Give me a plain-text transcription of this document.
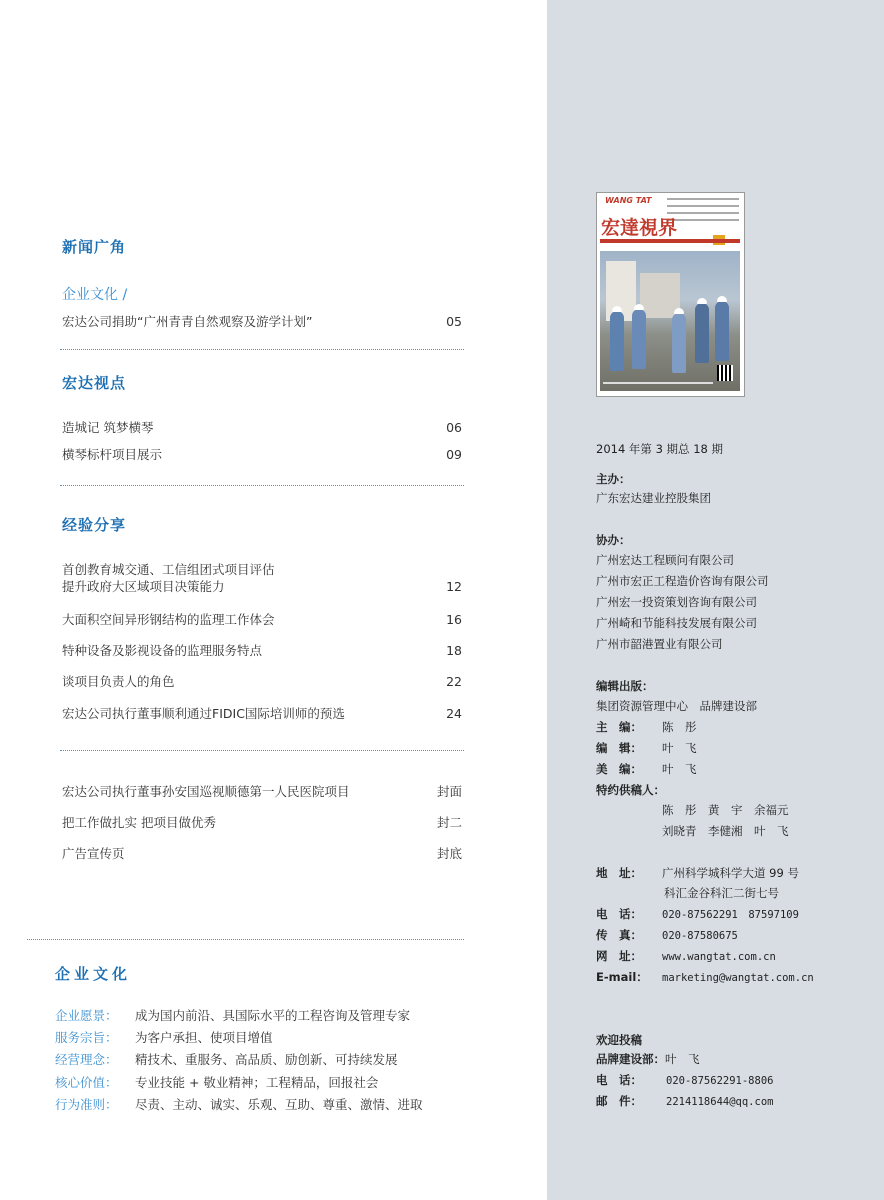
新闻广角
企业文化 /
宏达公司捐助“广州青青自然观察及游学计划”	05
宏达视点
造城记 筑梦横琴	06
横琴标杆项目展示	09
经验分享
首创教育城交通、工信组团式项目评估
提升政府大区域项目决策能力	12
大面积空间异形钢结构的监理工作体会	16
特种设备及影视设备的监理服务特点	18
谈项目负责人的角色	22
宏达公司执行董事顺利通过FIDIC国际培训师的预选	24
宏达公司执行董事孙安国巡视顺德第一人民医院项目	封面
把工作做扎实 把项目做优秀	封二
广告宣传页	封底
企业文化
企业愿景： 成为国内前沿、具国际水平的工程咨询及管理专家
服务宗旨： 为客户承担、使项目增值
经营理念： 精技术、重服务、高品质、励创新、可持续发展
核心价值： 专业技能 + 敬业精神；工程精品，回报社会
行为准则： 尽责、主动、诚实、乐观、互助、尊重、激情、进取
WANG TAT
宏達視界
2014 年第 3 期总 18 期
主办：
广东宏达建业控股集团
协办：
广州宏达工程顾问有限公司
广州市宏正工程造价咨询有限公司
广州宏一投资策划咨询有限公司
广州崎和节能科技发展有限公司
广州市韶港置业有限公司
编辑出版：
集团资源管理中心　品牌建设部
主　编： 陈　彤
编　辑： 叶　飞
美　编： 叶　飞
特约供稿人：
陈　彤　黄　宇　余福元
刘晓青　李健湘　叶　飞
地　址： 广州科学城科学大道 99 号
科汇金谷科汇二街七号
电　话： 020-87562291　87597109
传　真： 020-87580675
网　址： www.wangtat.com.cn
E-mail： marketing@wangtat.com.cn
欢迎投稿
品牌建设部：叶　飞
电　话： 020-87562291-8806
邮　件： 2214118644@qq.com
